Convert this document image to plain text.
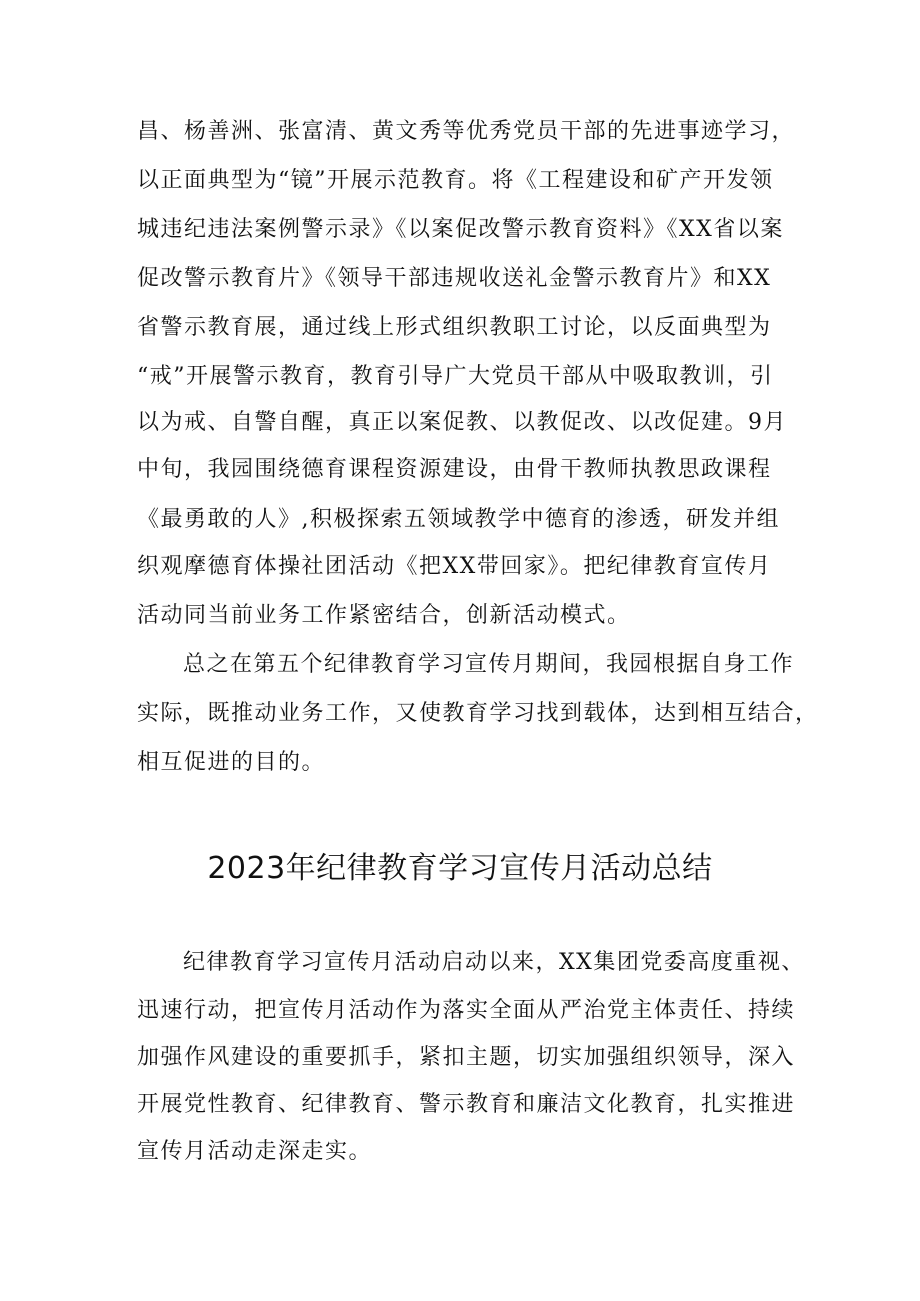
昌、杨善洲、张富清、黄文秀等优秀党员干部的先进事迹学习，
以正面典型为“镜”开展示范教育。将《工程建设和矿产开发领
城违纪违法案例警示录》《以案促改警示教育资料》《XX省以案
促改警示教育片》《领导干部违规收送礼金警示教育片》和XX
省警示教育展，通过线上形式组织教职工讨论，以反面典型为
“戒”开展警示教育，教育引导广大党员干部从中吸取教训，引
以为戒、自警自醒，真正以案促教、以教促改、以改促建。9月
中旬，我园围绕德育课程资源建设，由骨干教师执教思政课程
《最勇敢的人》,积极探索五领域教学中德育的渗透，研发并组
织观摩德育体操社团活动《把XX带回家》。把纪律教育宣传月
活动同当前业务工作紧密结合，创新活动模式。
总之在第五个纪律教育学习宣传月期间，我园根据自身工作
实际，既推动业务工作，又使教育学习找到载体，达到相互结合，
相互促进的目的。
2023年纪律教育学习宣传月活动总结
纪律教育学习宣传月活动启动以来，XX集团党委高度重视、
迅速行动，把宣传月活动作为落实全面从严治党主体责任、持续
加强作风建设的重要抓手，紧扣主题，切实加强组织领导，深入
开展党性教育、纪律教育、警示教育和廉洁文化教育，扎实推进
宣传月活动走深走实。
